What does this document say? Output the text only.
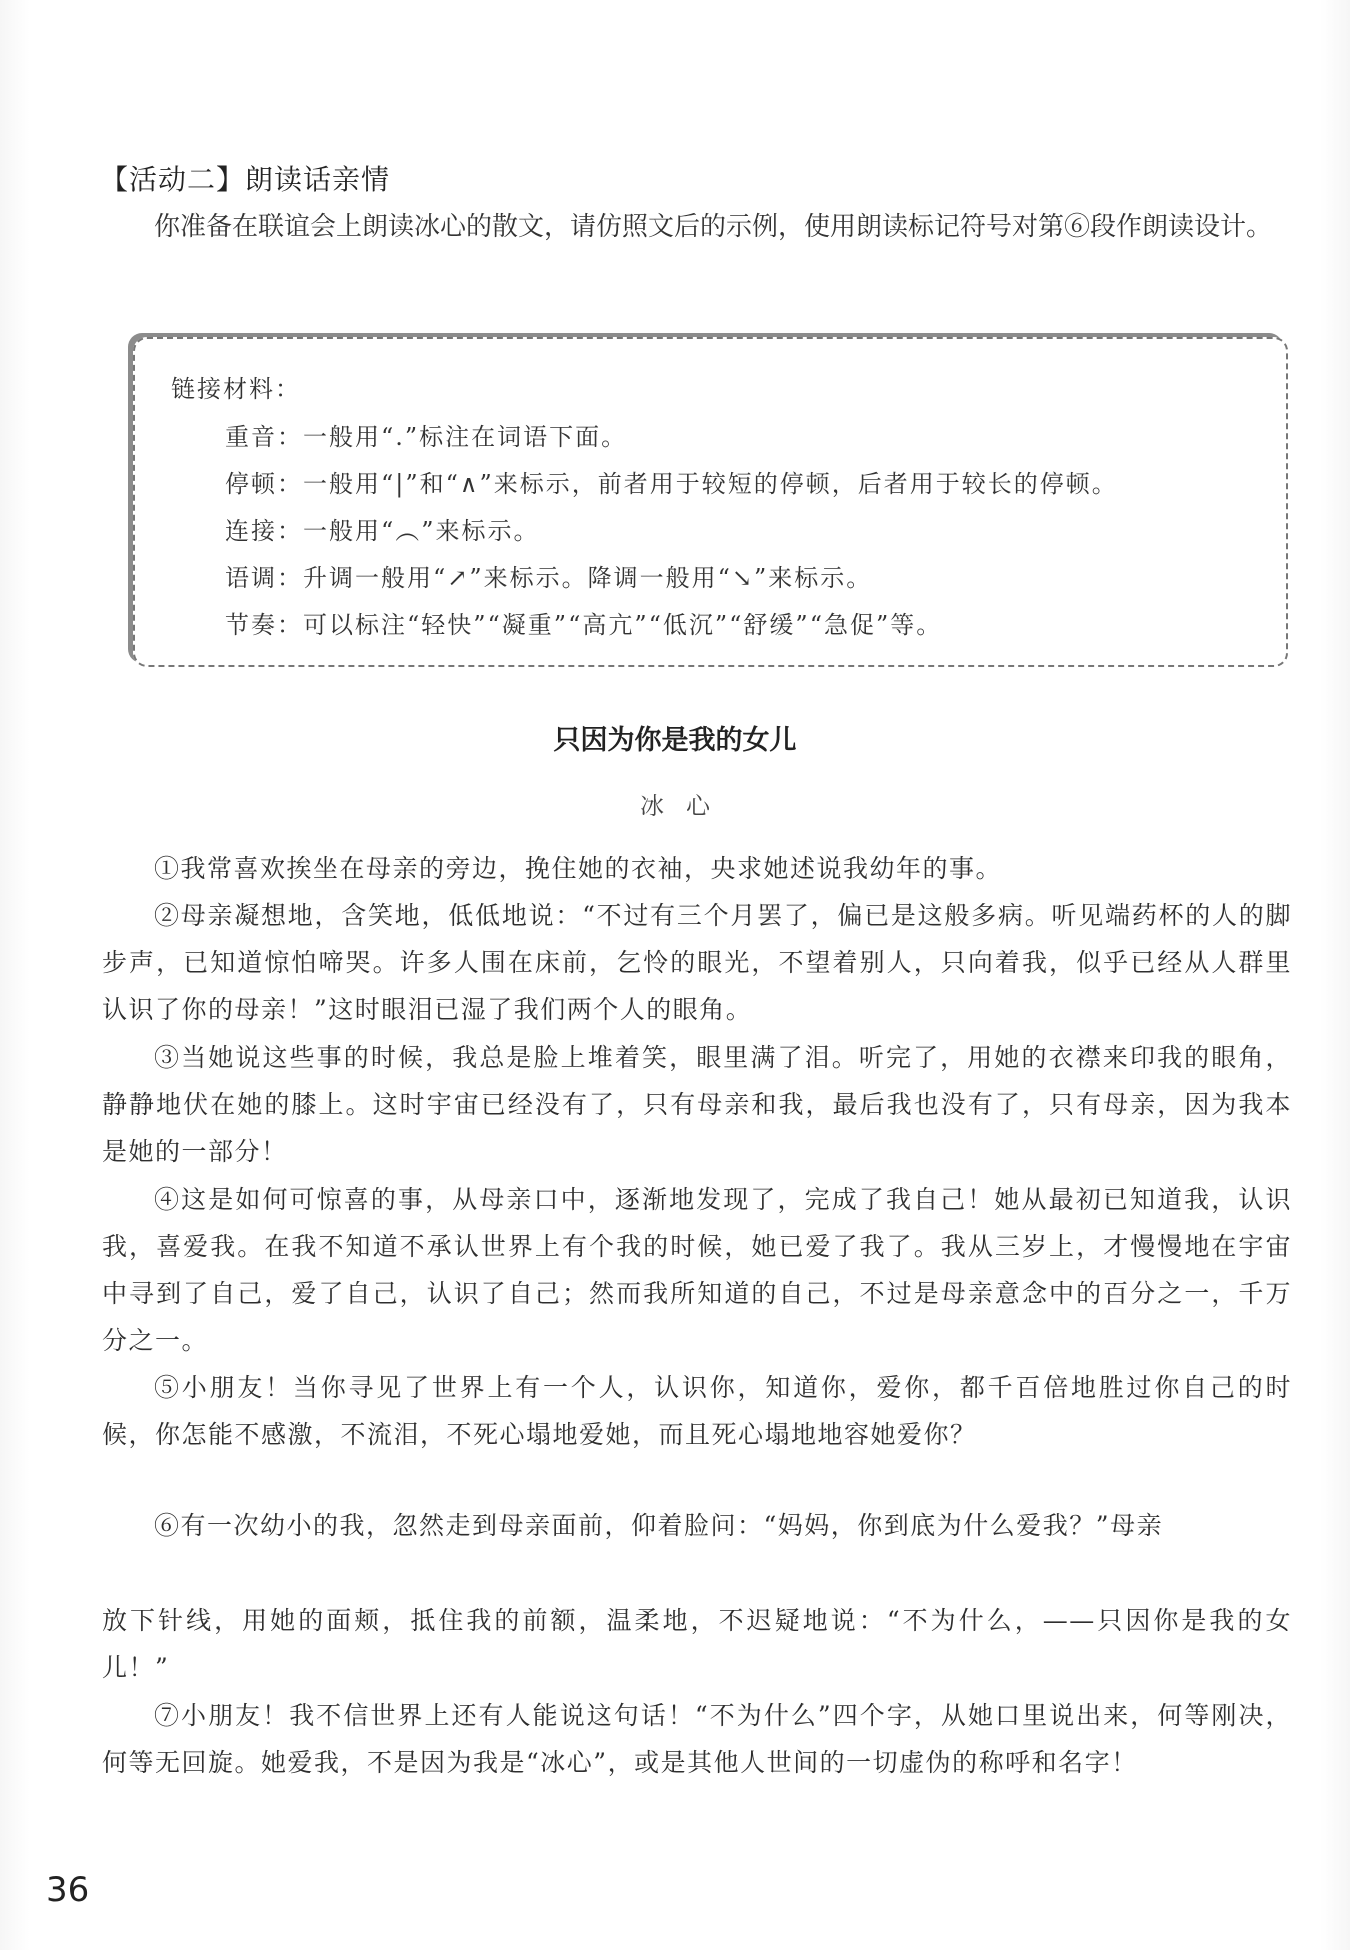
【活动二】朗读话亲情
你准备在联谊会上朗读冰心的散文，请仿照文后的示例，使用朗读标记符号对第⑥段作朗读设计。
链接材料：
重音：一般用“.”标注在词语下面。
停顿：一般用“|”和“∧”来标示，前者用于较短的停顿，后者用于较长的停顿。
连接：一般用“︵”来标示。
语调：升调一般用“↗”来标示。降调一般用“↘”来标示。
节奏：可以标注“轻快”“凝重”“高亢”“低沉”“舒缓”“急促”等。
只因为你是我的女儿
冰心
①我常喜欢挨坐在母亲的旁边，挽住她的衣袖，央求她述说我幼年的事。
②母亲凝想地，含笑地，低低地说：“不过有三个月罢了，偏已是这般多病。听见端药杯的人的脚步声，已知道惊怕啼哭。许多人围在床前，乞怜的眼光，不望着别人，只向着我，似乎已经从人群里认识了你的母亲！”这时眼泪已湿了我们两个人的眼角。
③当她说这些事的时候，我总是脸上堆着笑，眼里满了泪。听完了，用她的衣襟来印我的眼角，静静地伏在她的膝上。这时宇宙已经没有了，只有母亲和我，最后我也没有了，只有母亲，因为我本是她的一部分！
④这是如何可惊喜的事，从母亲口中，逐渐地发现了，完成了我自己！她从最初已知道我，认识我，喜爱我。在我不知道不承认世界上有个我的时候，她已爱了我了。我从三岁上，才慢慢地在宇宙中寻到了自己，爱了自己，认识了自己；然而我所知道的自己，不过是母亲意念中的百分之一，千万分之一。
⑤小朋友！当你寻见了世界上有一个人，认识你，知道你，爱你，都千百倍地胜过你自己的时候，你怎能不感激，不流泪，不死心塌地爱她，而且死心塌地地容她爱你？
⑥有一次幼小的我，忽然走到母亲面前，仰着脸问：“妈妈，你到底为什么爱我？”母亲
放下针线，用她的面颊，抵住我的前额，温柔地，不迟疑地说：“不为什么，——只因你是我的女儿！”
⑦小朋友！我不信世界上还有人能说这句话！“不为什么”四个字，从她口里说出来，何等刚决，何等无回旋。她爱我，不是因为我是“冰心”，或是其他人世间的一切虚伪的称呼和名字！
36
